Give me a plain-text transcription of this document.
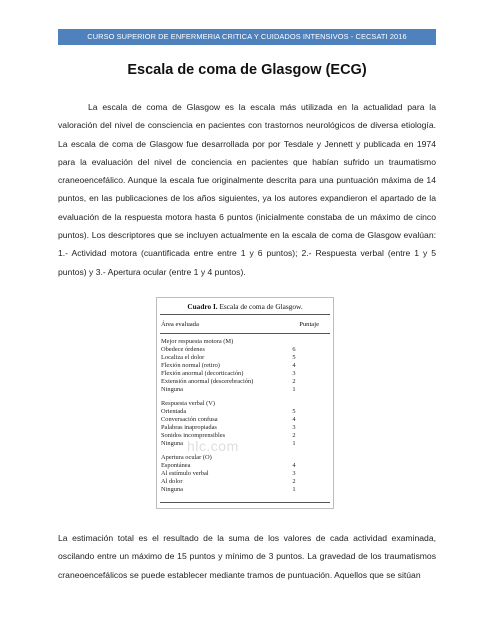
CURSO SUPERIOR DE ENFERMERIA CRITICA Y CUIDADOS INTENSIVOS - CECSATI 2016
Escala de coma de Glasgow (ECG)

La escala de coma de Glasgow es la escala más utilizada en la actualidad para la valoración del nivel de consciencia en pacientes con trastornos neurológicos de diversa etiología. La escala de coma de Glasgow fue desarrollada por por Tesdale y Jennett y publicada en 1974 para la evaluación del nivel de conciencia en pacientes que habían sufrido un traumatismo craneoencefálico. Aunque la escala fue originalmente descrita para una puntuación máxima de 14 puntos, en las publicaciones de los años siguientes, ya los autores expandieron el apartado de la evaluación de la respuesta motora hasta 6 puntos (inicialmente constaba de un máximo de cinco puntos). Los descriptores que se incluyen actualmente en la escala de coma de Glasgow evalúan: 1.- Actividad motora (cuantificada entre entre 1 y 6 puntos); 2.- Respuesta verbal (entre 1 y 5 puntos) y 3.- Apertura ocular (entre 1 y 4 puntos).

Cuadro I. Escala de coma de Glasgow.
Área evaluada	Puntaje
hlc.com
Mejor respuesta motora (M)
Obedece órdenes	6
Localiza el dolor	5
Flexión normal (retiro)	4
Flexión anormal (decorticación)	3
Extensión anormal (descerebración)	2
Ninguna	1
Respuesta verbal (V)
Orientada	5
Conversación confusa	4
Palabras inapropiadas	3
Sonidos incomprensibles	2
Ninguna	1
Apertura ocular (O)
Espontánea	4
Al estímulo verbal	3
Al dolor	2
Ninguna	1

La estimación total es el resultado de la suma de los valores de cada actividad examinada, oscilando entre un máximo de 15 puntos y mínimo de 3 puntos. La gravedad de los traumatismos craneoencefálicos se puede establecer mediante tramos de puntuación. Aquellos que se sitúan
